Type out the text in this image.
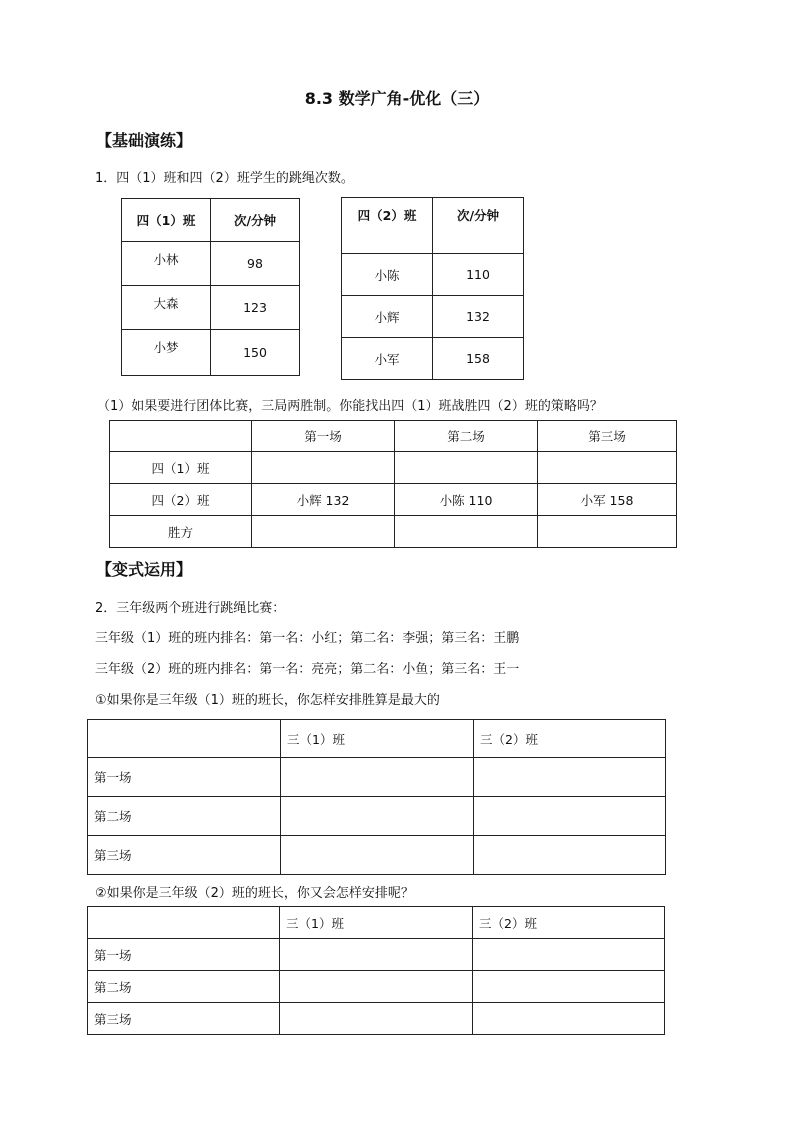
8.3 数学广角-优化（三）
【基础演练】
1．四（1）班和四（2）班学生的跳绳次数。
四（1）班	次/分钟
小林	98
大森	123
小梦	150
四（2）班	次/分钟
小陈	110
小辉	132
小军	158
（1）如果要进行团体比赛，三局两胜制。你能找出四（1）班战胜四（2）班的策略吗？
	第一场	第二场	第三场
四（1）班			
四（2）班	小辉 132	小陈 110	小军 158
胜方			
【变式运用】
2．三年级两个班进行跳绳比赛：
三年级（1）班的班内排名：第一名：小红；第二名：李强；第三名：王鹏
三年级（2）班的班内排名：第一名：亮亮；第二名：小鱼；第三名：王一
①如果你是三年级（1）班的班长，你怎样安排胜算是最大的
	三（1）班	三（2）班
第一场		
第二场		
第三场		
②如果你是三年级（2）班的班长，你又会怎样安排呢？
	三（1）班	三（2）班
第一场		
第二场		
第三场		
